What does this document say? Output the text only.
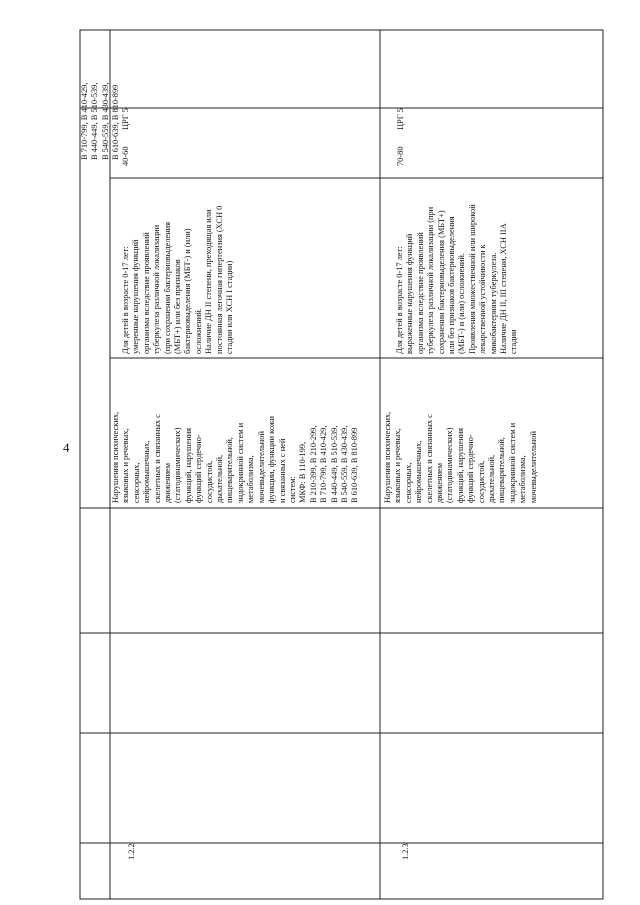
4
В 710-799, В 410-429,
В 440-449, В 510-539,
В 540-559, В 430-439,
В 610-639, В 810-899
ЦРГ 5
40-60
Для детей в возрасте 0-17 лет:
умеренные нарушения функций
организма вследствие проявлений
туберкулеза различной локализации
(при сохранении бактериовыделения
(МБТ+) или без признаков
бактериовыделения (МБТ-) и (или)
осложнений.
Наличие ДН II степени, преходящая или
постоянная легочная гипертензия (ХСН 0
стадии или ХСН I стадии)
Нарушения психических,
языковых и речевых,
сенсорных,
нейромышечных,
скелетных и связанных с
движением
(статодинамических)
функций, нарушения
функций сердечно-
сосудистой,
дыхательной,
пищеварительной,
эндокринной систем и
метаболизма,
мочевыделительной
функции, функции кожи
и связанных с ней
систем:
МКФ: В 110-199,
В 210-399, В 210-299,
В 710-799, В 410-429,
В 440-449, В 510-539,
В 540-559, В 430-439,
В 610-639, В 810-899
1.2.2
ЦРГ 5
70-80
Для детей в возрасте 0-17 лет:
выраженные нарушения функций
организма вследствие проявлений
туберкулеза различной локализации (при
сохранении бактериовыделения (МБТ+)
или без признаков бактериовыделения
(МБТ-) и (или) осложнений.
Проявления множественной или широкой
лекарственной устойчивости к
микобактериям туберкулеза.
Наличие ДН II, III степени, ХСН IIА
стадии
Нарушения психических,
языковых и речевых,
сенсорных,
нейромышечных,
скелетных и связанных с
движением
(статодинамических)
функций, нарушения
функций сердечно-
сосудистой,
дыхательной,
пищеварительной,
эндокринной систем и
метаболизма,
мочевыделительной
1.2.3
